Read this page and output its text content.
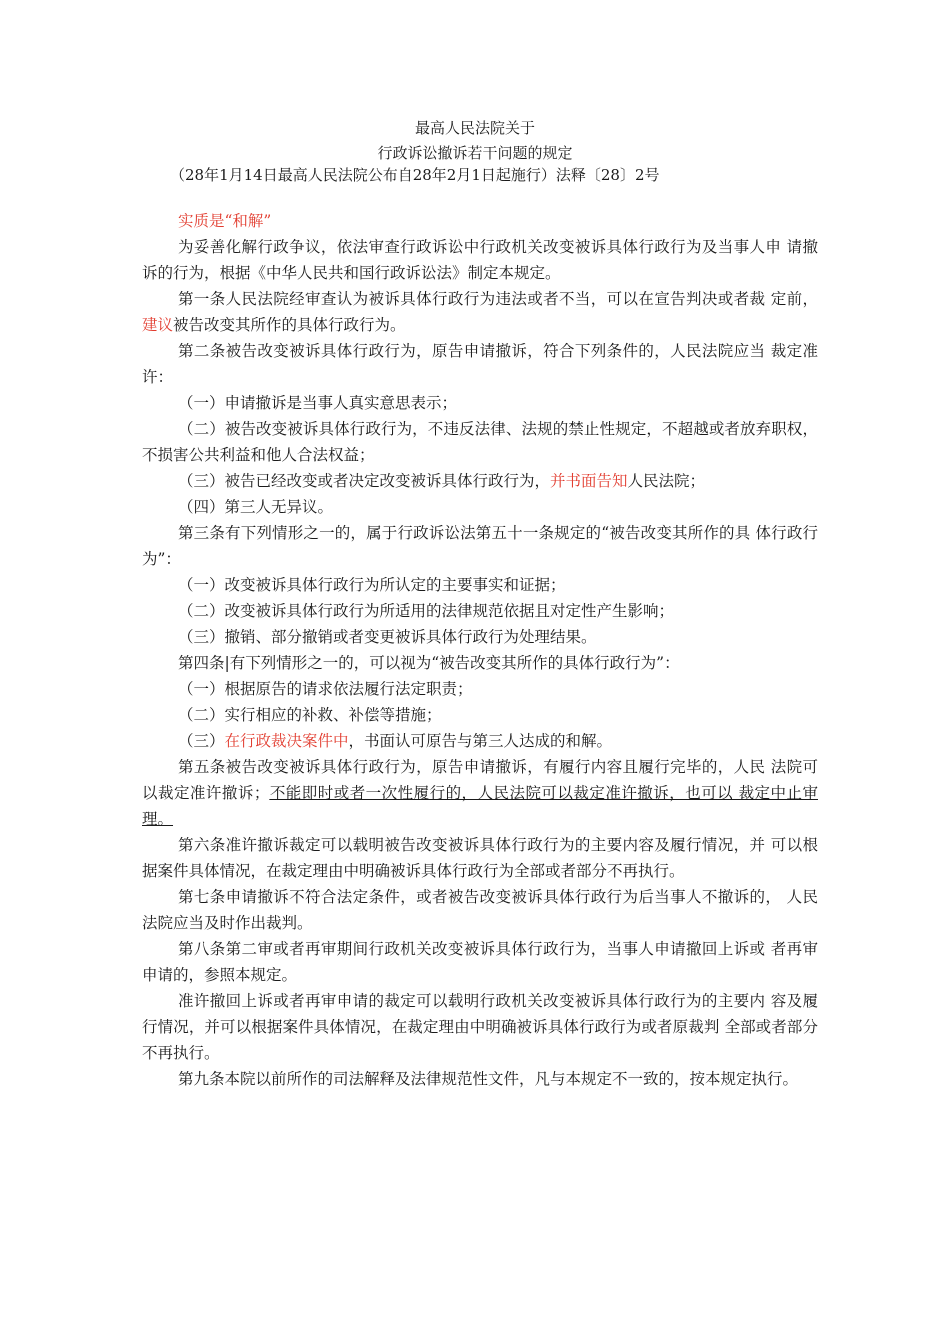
最高人民法院关于
行政诉讼撤诉若干问题的规定
（28年1月14日最高人民法院公布自28年2月1日起施行）法释〔28〕2号

实质是“和解”

为妥善化解行政争议，依法审查行政诉讼中行政机关改变被诉具体行政行为及当事人申 请撤诉的行为，根据《中华人民共和国行政诉讼法》制定本规定。

第一条人民法院经审查认为被诉具体行政行为违法或者不当，可以在宣告判决或者裁 定前，建议被告改变其所作的具体行政行为。

第二条被告改变被诉具体行政行为，原告申请撤诉，符合下列条件的，人民法院应当 裁定准许：

（一）申请撤诉是当事人真实意思表示；

（二）被告改变被诉具体行政行为，不违反法律、法规的禁止性规定，不超越或者放弃职权，不损害公共利益和他人合法权益；

（三）被告已经改变或者决定改变被诉具体行政行为，并书面告知人民法院；

（四）第三人无异议。

第三条有下列情形之一的，属于行政诉讼法第五十一条规定的“被告改变其所作的具 体行政行为”：

（一）改变被诉具体行政行为所认定的主要事实和证据；

（二）改变被诉具体行政行为所适用的法律规范依据且对定性产生影响；

（三）撤销、部分撤销或者变更被诉具体行政行为处理结果。

第四条|有下列情形之一的，可以视为“被告改变其所作的具体行政行为”：

（一）根据原告的请求依法履行法定职责；

（二）实行相应的补救、补偿等措施；

（三）在行政裁决案件中，书面认可原告与第三人达成的和解。

第五条被告改变被诉具体行政行为，原告申请撤诉，有履行内容且履行完毕的，人民 法院可以裁定准许撤诉；不能即时或者一次性履行的，人民法院可以裁定准许撤诉，也可以 裁定中止审理。

第六条准许撤诉裁定可以载明被告改变被诉具体行政行为的主要内容及履行情况，并 可以根据案件具体情况，在裁定理由中明确被诉具体行政行为全部或者部分不再执行。

第七条申请撤诉不符合法定条件，或者被告改变被诉具体行政行为后当事人不撤诉的， 人民法院应当及时作出裁判。

第八条第二审或者再审期间行政机关改变被诉具体行政行为，当事人申请撤回上诉或 者再审申请的，参照本规定。

准许撤回上诉或者再审申请的裁定可以载明行政机关改变被诉具体行政行为的主要内 容及履行情况，并可以根据案件具体情况，在裁定理由中明确被诉具体行政行为或者原裁判 全部或者部分不再执行。

第九条本院以前所作的司法解释及法律规范性文件，凡与本规定不一致的，按本规定执行。
